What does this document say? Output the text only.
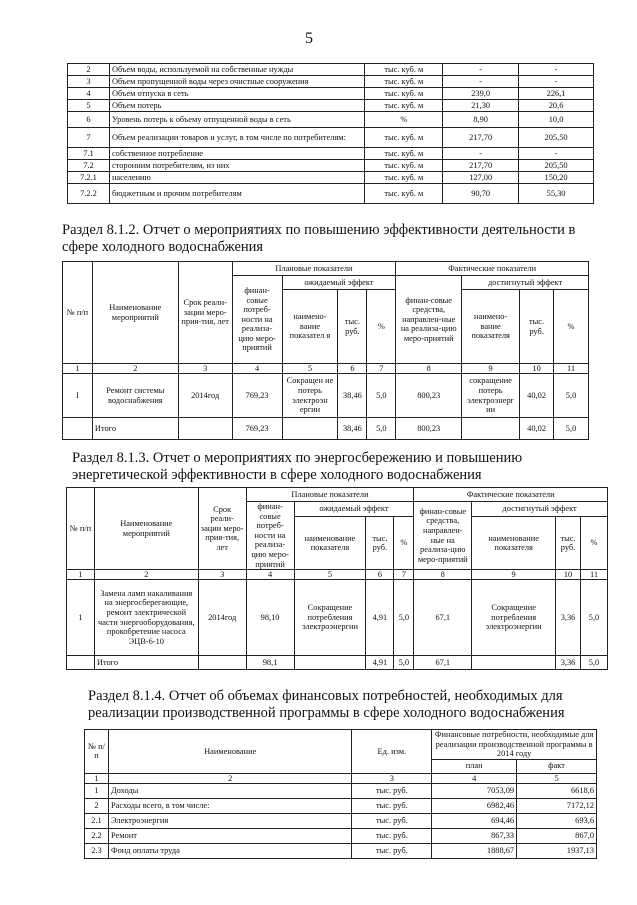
5
2	Объем воды, используемой на собственные нужды	тыс. куб. м	-	-
3	Объем пропущенной воды через очистные сооружения	тыс. куб. м	-	-
4	Объем отпуска в сеть	тыс. куб. м	239,0	226,1
5	Объем потерь	тыс. куб. м	21,30	20,6
6	Уровень потерь к объему отпущенной воды в сеть	%	8,90	10,0
7	Объем реализации товаров и услуг, в том числе по потребителям:	тыс. куб. м	217,70	205,50
7.1	собственное потребление	тыс. куб. м	-	-
7.2	сторонним потребителям, из них	тыс. куб. м	217,70	205,50
7.2.1	населению	тыс. куб. м	127,00	150,20
7.2.2	бюджетным и прочим потребителям	тыс. куб. м	90,70	55,30
Раздел 8.1.2. Отчет о мероприятиях по повышению эффективности деятельности в сфере холодного водоснабжения
№ п/п	Наименование мероприятий	Срок реали-зации меро-прия-тия, лет	Плановые показатели				Фактические показатели			
			финан-совые потреб-ности на реализа-цию меро-приятий	ожидаемый эффект			финан-совые средства, направлен-ные на реализа-цию меро-приятий	достигнутый эффект		
				наимено-вание показател я	тыс. руб.	%		наимено-вание показателя	тыс. руб.	%
1	2	3	4	5	6	7	8	9	10	11
I	Ремонт системы водоснабжения	2014год	769,23	Сокращен ие потерь электроэн ергии	38,46	5,0	800,23	сокращение потерь электроэнерг ии	40,02	5,0
	Итого		769,23		38,46	5,0	800,23		40,02	5,0
Раздел 8.1.3. Отчет о мероприятиях по энергосбережению и повышению энергетической эффективности в сфере холодного водоснабжения
№ п/п	Наименование мероприятий	Срок реали-зации меро-прия-тия, лет	Плановые показатели				Фактические показатели			
			финан-совые потреб-ности на реализа-цию меро-приятий	ожидаемый эффект			финан-совые средства, направлен-ные на реализа-цию меро-приятий	достигнутый эффект		
				наименование показателя	тыс. руб.	%		наименование показателя	тыс. руб.	%
1	2	3	4	5	6	7	8	9	10	11
1	Замена ламп накаливания на энергосберегающие, ремонт электрической части энергооборудования, прокобретение насоса ЭЦВ-6-10	2014год	98,10	Сокращение потребления электроэнергии	4,91	5,0	67,1	Сокращение потребления электроэнергии	3,36	5,0
	Итого		98,1		4,91	5,0	67,1		3,36	5,0
Раздел 8.1.4. Отчет об объемах финансовых потребностей, необходимых для реализации производственной программы в сфере холодного водоснабжения
№ п/п	Наименование	Ед. изм.	Финансовые потребности, необходимые для реализации производственной программы в 2014 году	
			план	факт
1	2	3	4	5
1	Доходы	тыс. руб.	7053,09	6618,6
2	Расходы всего, в том числе:	тыс. руб.	6982,46	7172,12
2.1	Электроэнергия	тыс. руб.	694,46	693,6
2.2	Ремонт	тыс. руб.	867,33	867,0
2.3	Фонд оплаты труда	тыс. руб.	1888,67	1937,13
